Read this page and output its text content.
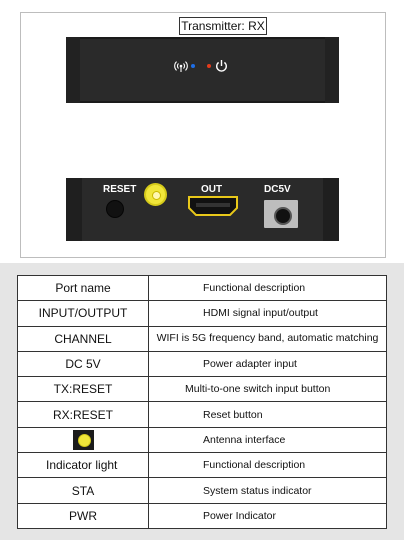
Transmitter: RX
RESET	OUT	DC5V
Port name	Functional description
INPUT/OUTPUT	HDMI signal input/output
CHANNEL	WIFI is 5G frequency band, automatic matching
DC 5V	Power adapter input
TX:RESET	Multi-to-one switch input button
RX:RESET	Reset button
	Antenna interface
Indicator light	Functional description
STA	System status indicator
PWR	Power Indicator
